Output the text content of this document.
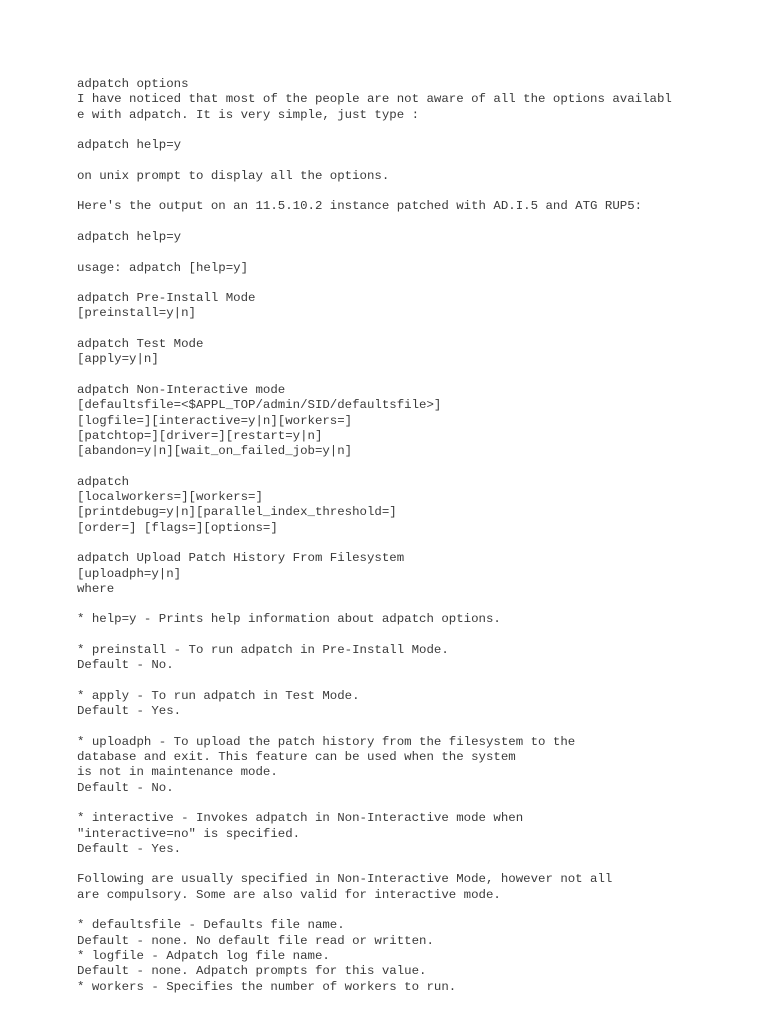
adpatch options
I have noticed that most of the people are not aware of all the options availabl
e with adpatch. It is very simple, just type :
adpatch help=y
on unix prompt to display all the options.
Here's the output on an 11.5.10.2 instance patched with AD.I.5 and ATG RUP5:
adpatch help=y
usage: adpatch [help=y]
adpatch Pre-Install Mode
[preinstall=y|n]
adpatch Test Mode
[apply=y|n]
adpatch Non-Interactive mode
[defaultsfile=<$APPL_TOP/admin/SID/defaultsfile>]
[logfile=][interactive=y|n][workers=]
[patchtop=][driver=][restart=y|n]
[abandon=y|n][wait_on_failed_job=y|n]
adpatch
[localworkers=][workers=]
[printdebug=y|n][parallel_index_threshold=]
[order=] [flags=][options=]
adpatch Upload Patch History From Filesystem
[uploadph=y|n]
where
* help=y - Prints help information about adpatch options.
* preinstall - To run adpatch in Pre-Install Mode.
Default - No.
* apply - To run adpatch in Test Mode.
Default - Yes.
* uploadph - To upload the patch history from the filesystem to the
database and exit. This feature can be used when the system
is not in maintenance mode.
Default - No.
* interactive - Invokes adpatch in Non-Interactive mode when
"interactive=no" is specified.
Default - Yes.
Following are usually specified in Non-Interactive Mode, however not all
are compulsory. Some are also valid for interactive mode.
* defaultsfile - Defaults file name.
Default - none. No default file read or written.
* logfile - Adpatch log file name.
Default - none. Adpatch prompts for this value.
* workers - Specifies the number of workers to run.
